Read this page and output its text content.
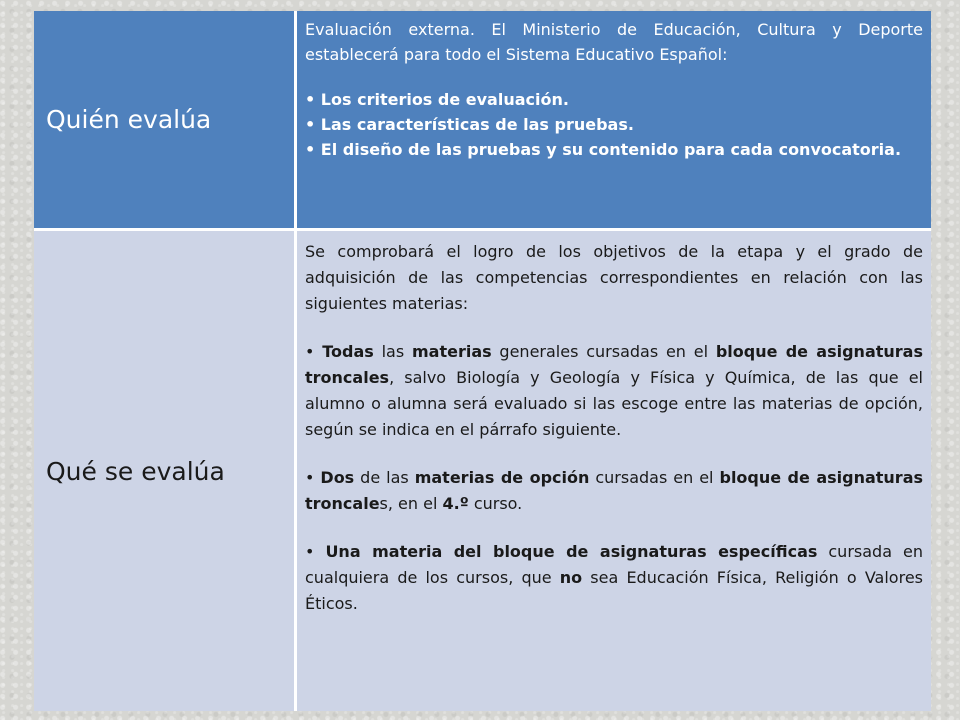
Quién evalúa

Evaluación externa. El Ministerio de Educación, Cultura y Deporte establecerá para todo el Sistema Educativo Español:

• Los criterios de evaluación.

• Las características de las pruebas.

• El diseño de las pruebas y su contenido para cada convocatoria.

Qué se evalúa

Se comprobará el logro de los objetivos de la etapa y el grado de adquisición de las competencias correspondientes en relación con las siguientes materias:

• Todas las materias generales cursadas en el bloque de asignaturas troncales, salvo Biología y Geología y Física y Química, de las que el alumno o alumna será evaluado si las escoge entre las materias de opción, según se indica en el párrafo siguiente.

• Dos de las materias de opción cursadas en el bloque de asignaturas troncales, en el 4.º curso.

• Una materia del bloque de asignaturas específicas cursada en cualquiera de los cursos, que no sea Educación Física, Religión o Valores Éticos.
